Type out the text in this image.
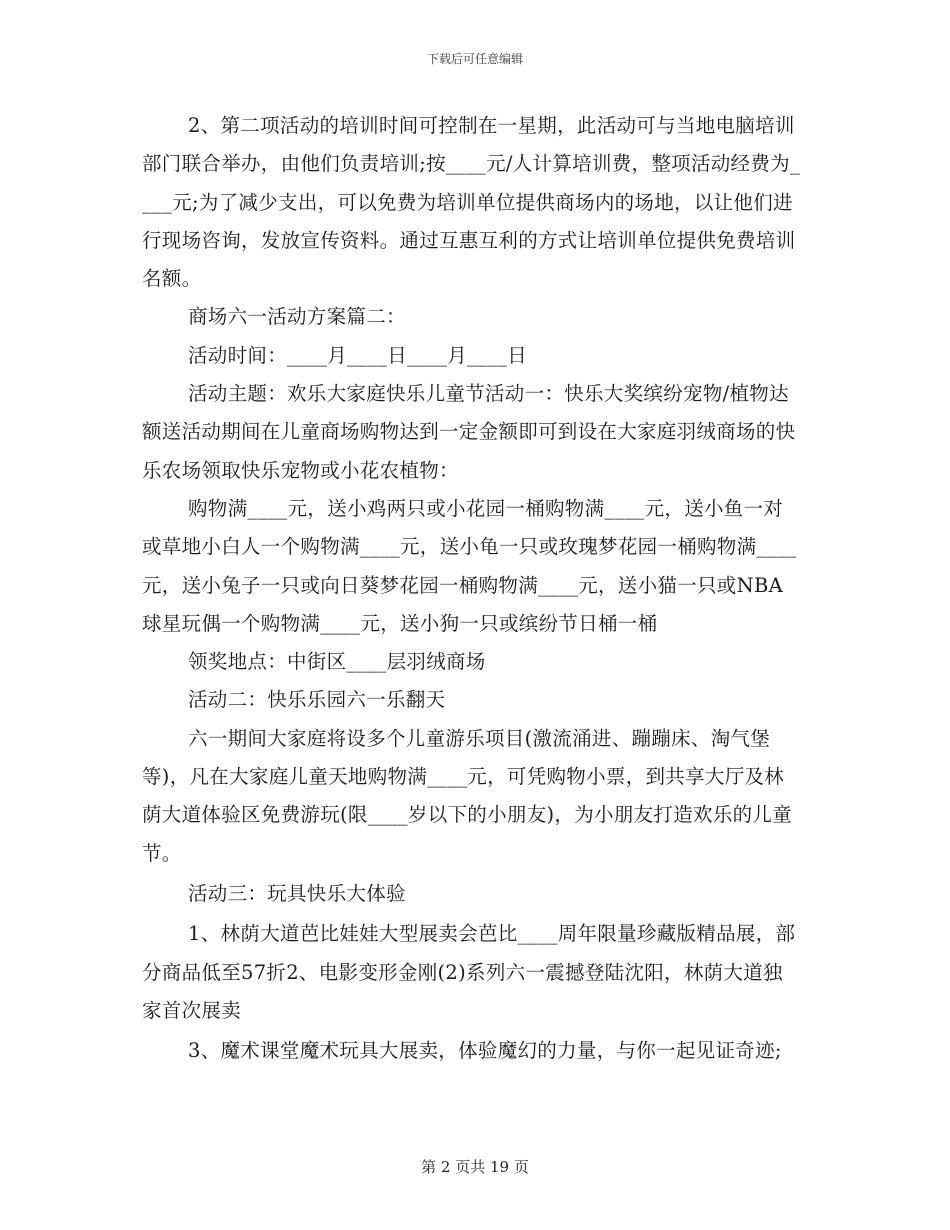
下载后可任意编辑

2、第二项活动的培训时间可控制在一星期，此活动可与当地电脑培训部门联合举办，由他们负责培训;按____元/人计算培训费，整项活动经费为____元;为了减少支出，可以免费为培训单位提供商场内的场地，以让他们进行现场咨询，发放宣传资料。通过互惠互利的方式让培训单位提供免费培训名额。

商场六一活动方案篇二：

活动时间：____月____日____月____日

活动主题：欢乐大家庭快乐儿童节活动一：快乐大奖缤纷宠物/植物达额送活动期间在儿童商场购物达到一定金额即可到设在大家庭羽绒商场的快乐农场领取快乐宠物或小花农植物：

购物满____元，送小鸡两只或小花园一桶购物满____元，送小鱼一对或草地小白人一个购物满____元，送小龟一只或玫瑰梦花园一桶购物满____元，送小兔子一只或向日葵梦花园一桶购物满____元，送小猫一只或NBA球星玩偶一个购物满____元，送小狗一只或缤纷节日桶一桶

领奖地点：中街区____层羽绒商场

活动二：快乐乐园六一乐翻天

六一期间大家庭将设多个儿童游乐项目(激流涌进、蹦蹦床、淘气堡等)，凡在大家庭儿童天地购物满____元，可凭购物小票，到共享大厅及林荫大道体验区免费游玩(限____岁以下的小朋友)，为小朋友打造欢乐的儿童节。

活动三：玩具快乐大体验

1、林荫大道芭比娃娃大型展卖会芭比____周年限量珍藏版精品展，部分商品低至57折2、电影变形金刚(2)系列六一震撼登陆沈阳，林荫大道独家首次展卖

3、魔术课堂魔术玩具大展卖，体验魔幻的力量，与你一起见证奇迹;

第 2 页共 19 页
